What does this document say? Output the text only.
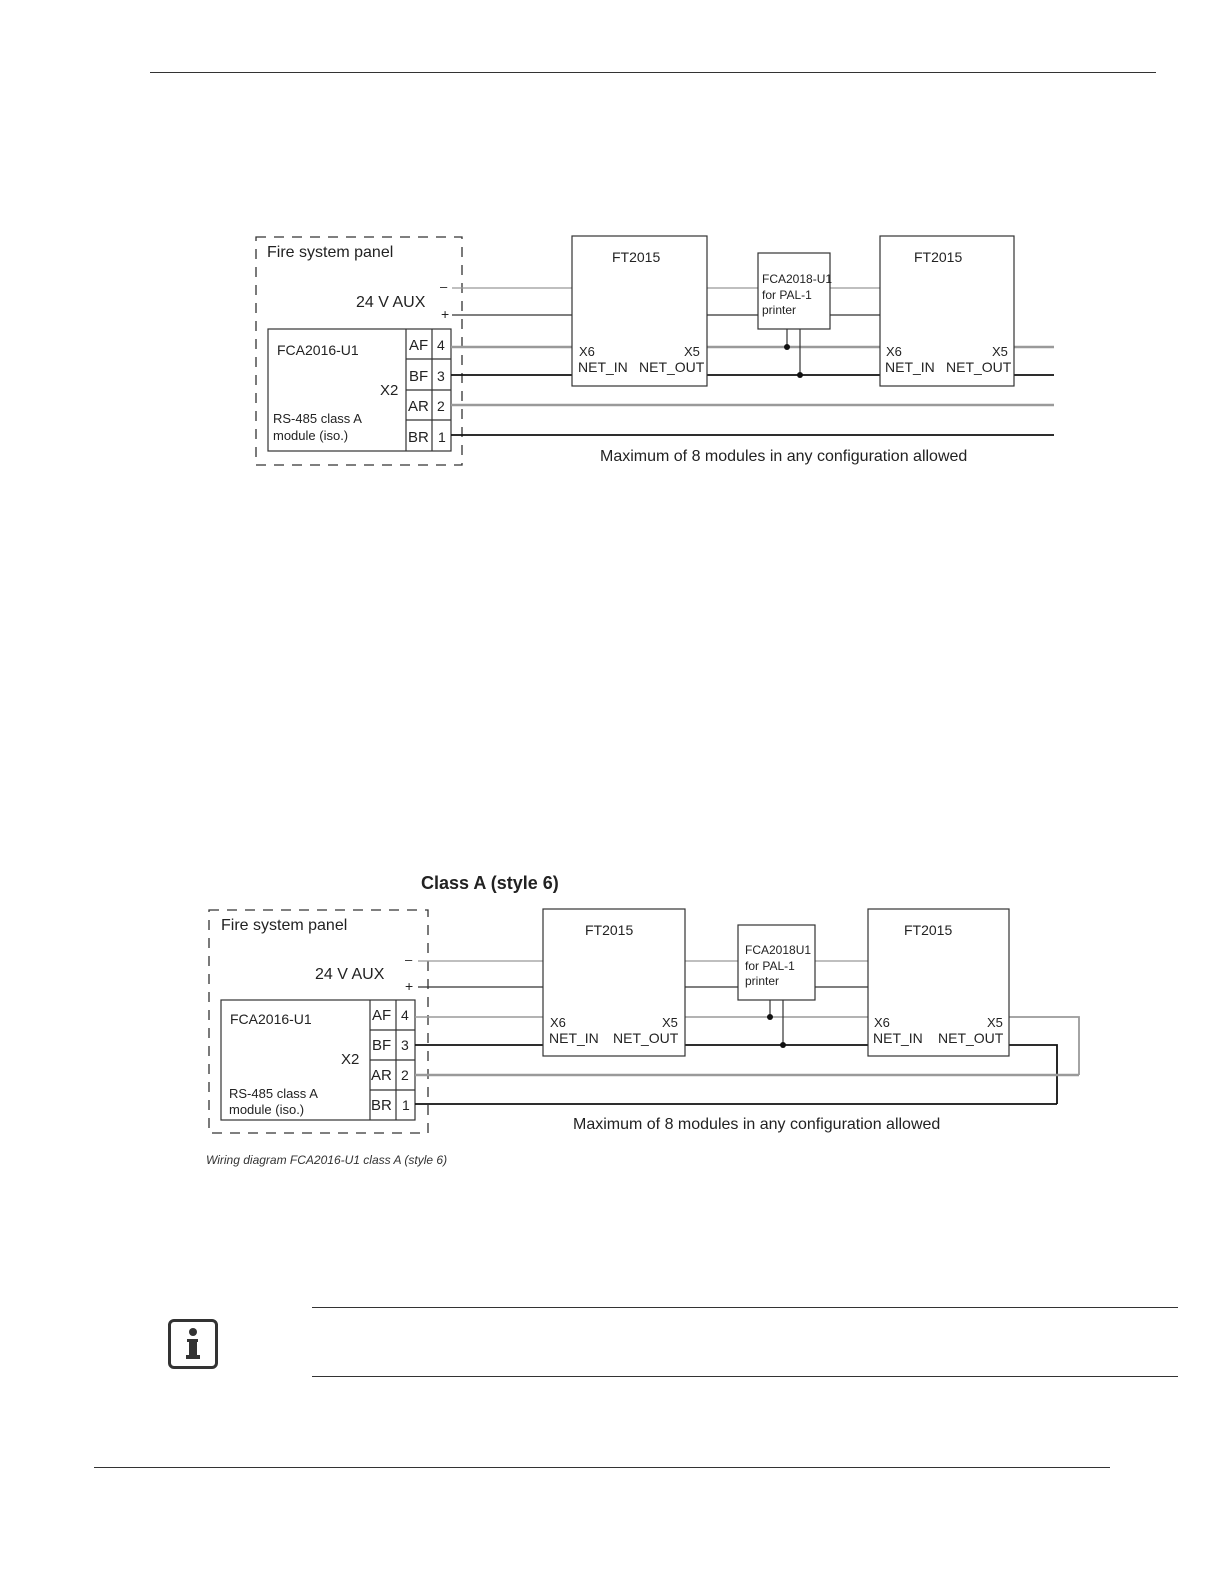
Fire system panel
24 V AUX
–
+
FCA2016-U1
X2
RS-485 class A
module (iso.)
AF 4
BF 3
AR 2
BR 1
FT2015
X6
NET_IN
X5
NET_OUT
FCA2018-U1
for PAL-1
printer
FT2015
X6
NET_IN
X5
NET_OUT
Maximum of 8 modules in any configuration allowed
Class A (style 6)
Fire system panel
24 V AUX
–
+
FCA2016-U1
X2
RS-485 class A
module (iso.)
AF 4
BF 3
AR 2
BR 1
FT2015
X6
NET_IN
X5
NET_OUT
FCA2018U1
for PAL-1
printer
FT2015
X6
NET_IN
X5
NET_OUT
Maximum of 8 modules in any configuration allowed
Wiring diagram FCA2016-U1 class A (style 6)
